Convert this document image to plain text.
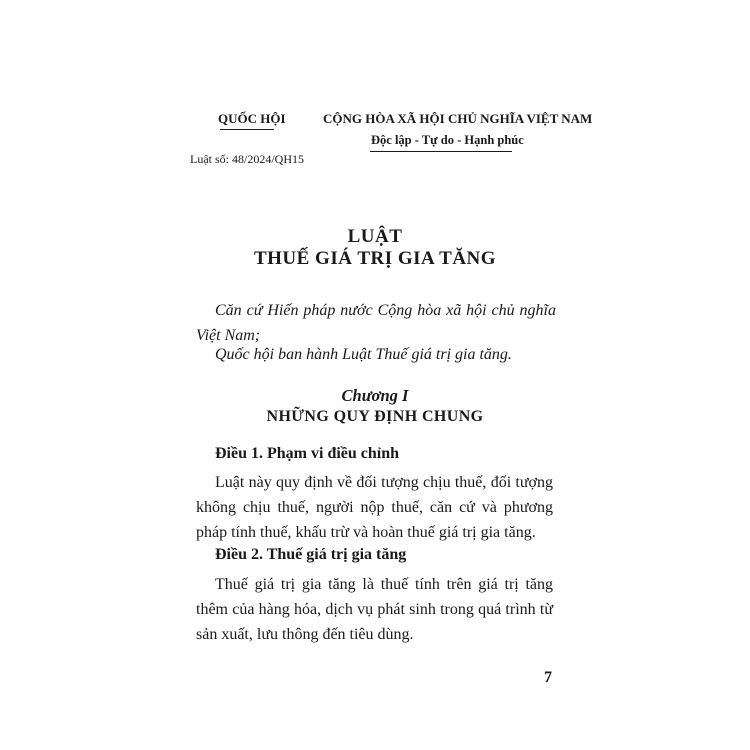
QUỐC HỘI	CỘNG HÒA XÃ HỘI CHỦ NGHĨA VIỆT NAM
Độc lập - Tự do - Hạnh phúc
Luật số: 48/2024/QH15
LUẬT
THUẾ GIÁ TRỊ GIA TĂNG
Căn cứ Hiến pháp nước Cộng hòa xã hội chủ nghĩa Việt Nam;
Quốc hội ban hành Luật Thuế giá trị gia tăng.
Chương I
NHỮNG QUY ĐỊNH CHUNG
Điều 1. Phạm vi điều chỉnh
Luật này quy định về đối tượng chịu thuế, đối tượng không chịu thuế, người nộp thuế, căn cứ và phương pháp tính thuế, khấu trừ và hoàn thuế giá trị gia tăng.
Điều 2. Thuế giá trị gia tăng
Thuế giá trị gia tăng là thuế tính trên giá trị tăng thêm của hàng hóa, dịch vụ phát sinh trong quá trình từ sản xuất, lưu thông đến tiêu dùng.
7
